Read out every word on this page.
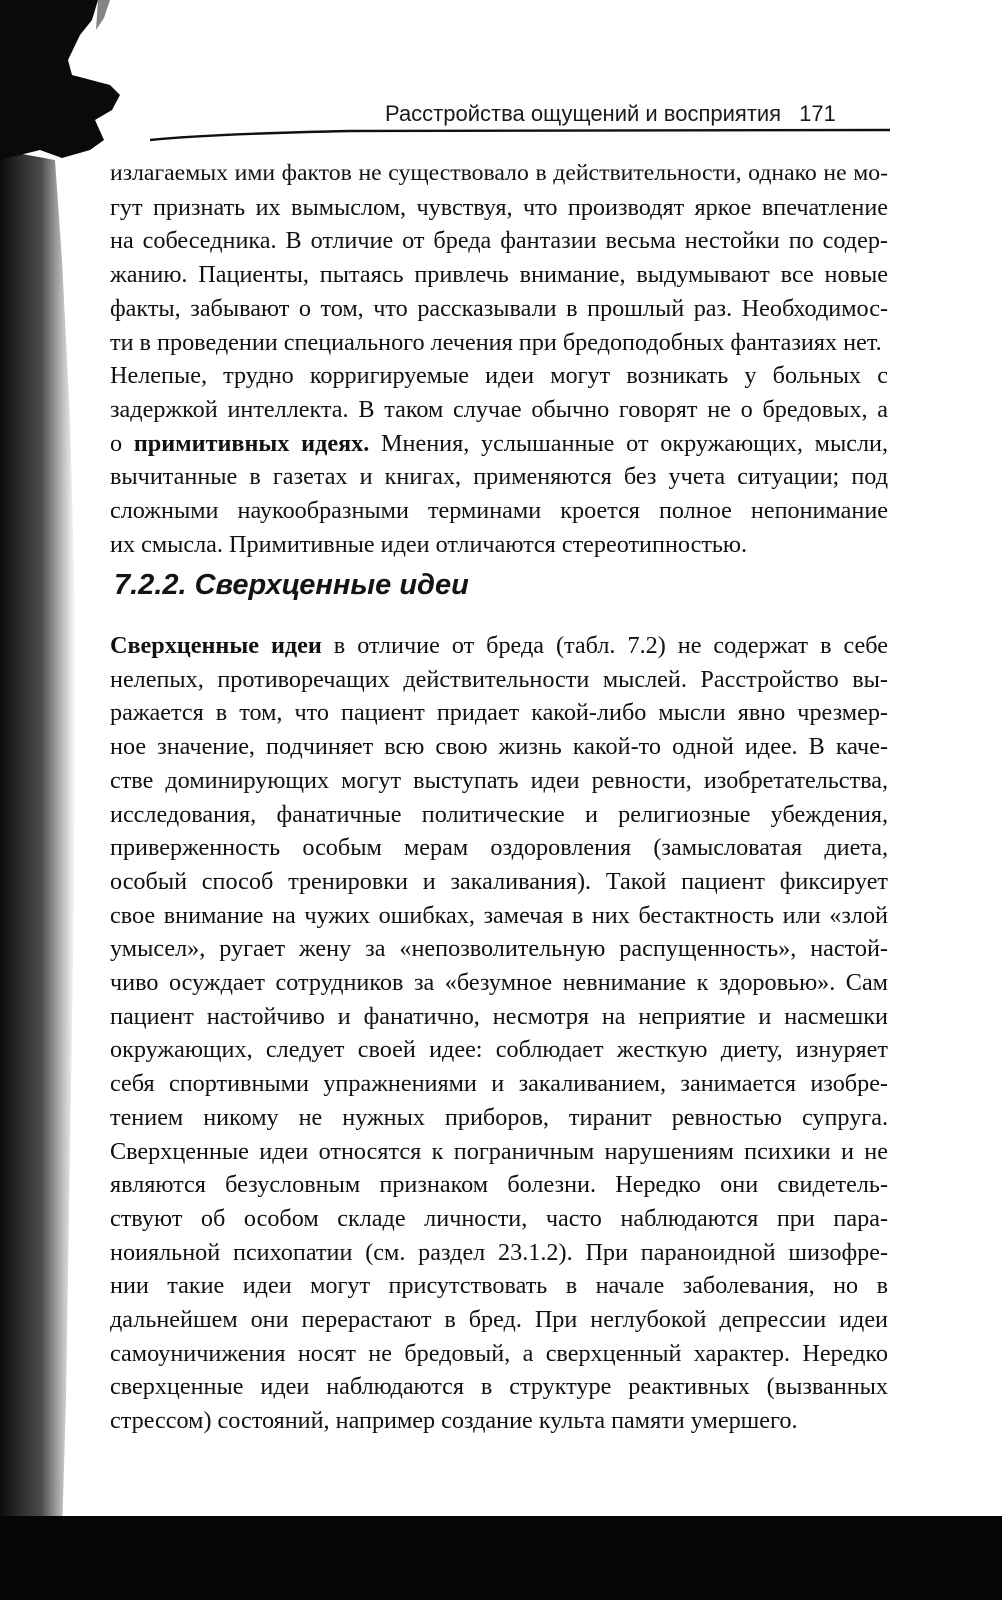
Расстройства ощущений и восприятия 171

излагаемых ими фактов не существовало в действительности, однако не мо-
гут признать их вымыслом, чувствуя, что производят яркое впечатление
на собеседника. В отличие от бреда фантазии весьма нестойки по содер-
жанию. Пациенты, пытаясь привлечь внимание, выдумывают все новые
факты, забывают о том, что рассказывали в прошлый раз. Необходимос-
ти в проведении специального лечения при бредоподобных фантазиях нет.

Нелепые, трудно корригируемые идеи могут возникать у больных с
задержкой интеллекта. В таком случае обычно говорят не о бредовых, а
о примитивных идеях. Мнения, услышанные от окружающих, мысли,
вычитанные в газетах и книгах, применяются без учета ситуации; под
сложными наукообразными терминами кроется полное непонимание
их смысла. Примитивные идеи отличаются стереотипностью.

7.2.2. Сверхценные идеи

Сверхценные идеи в отличие от бреда (табл. 7.2) не содержат в себе
нелепых, противоречащих действительности мыслей. Расстройство вы-
ражается в том, что пациент придает какой-либо мысли явно чрезмер-
ное значение, подчиняет всю свою жизнь какой-то одной идее. В каче-
стве доминирующих могут выступать идеи ревности, изобретательства,
исследования, фанатичные политические и религиозные убеждения,
приверженность особым мерам оздоровления (замысловатая диета,
особый способ тренировки и закаливания). Такой пациент фиксирует
свое внимание на чужих ошибках, замечая в них бестактность или «злой
умысел», ругает жену за «непозволительную распущенность», настой-
чиво осуждает сотрудников за «безумное невнимание к здоровью». Сам
пациент настойчиво и фанатично, несмотря на неприятие и насмешки
окружающих, следует своей идее: соблюдает жесткую диету, изнуряет
себя спортивными упражнениями и закаливанием, занимается изобре-
тением никому не нужных приборов, тиранит ревностью супруга.
Сверхценные идеи относятся к пограничным нарушениям психики и не
являются безусловным признаком болезни. Нередко они свидетель-
ствуют об особом складе личности, часто наблюдаются при пара-
ноияльной психопатии (см. раздел 23.1.2). При параноидной шизофре-
нии такие идеи могут присутствовать в начале заболевания, но в
дальнейшем они перерастают в бред. При неглубокой депрессии идеи
самоуничижения носят не бредовый, а сверхценный характер. Нередко
сверхценные идеи наблюдаются в структуре реактивных (вызванных
стрессом) состояний, например создание культа памяти умершего.
